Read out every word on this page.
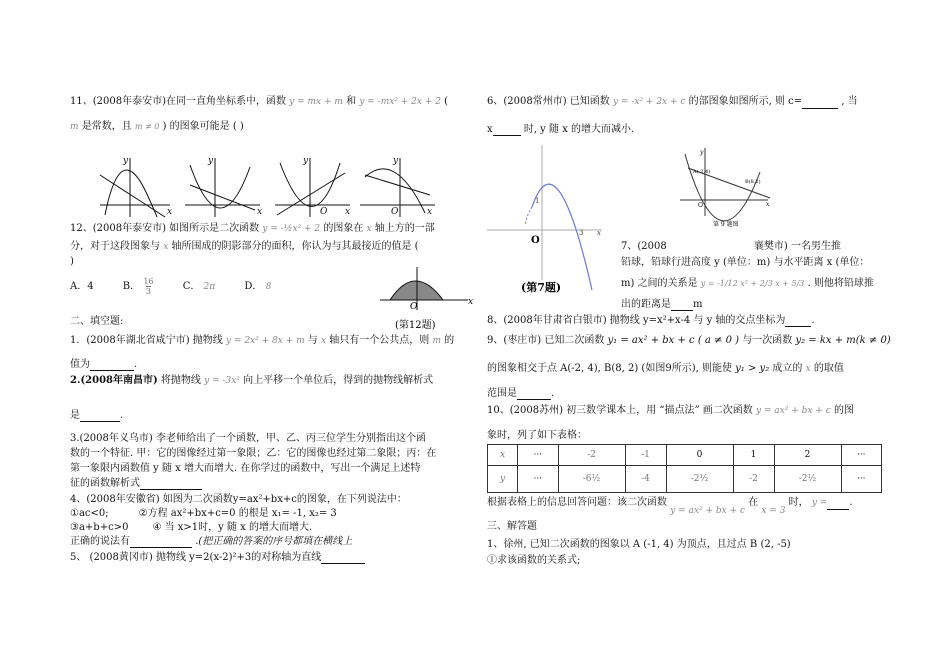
11、(2008年泰安市)在同一直角坐标系中，函数 y = mx + m 和 y = -mx² + 2x + 2 (
m 是常数，且 m ≠ 0 ) 的图象可能是 ( )
y
x
y
x
y
O x
y
O	x
12、(2008年泰安市) 如图所示是二次函数 y = -½x² + 2 的图象在 x 轴上方的一部
分，对于这段图象与 x 轴所围成的阴影部分的面积，你认为与其最接近的值是 (
)
A．4	B． $\frac{16}{3}$	C． 2π	D． 8
O	x
(第12题)
二、填空题:
1．(2008年湖北省咸宁市) 抛物线 y = 2x² + 8x + m 与 x 轴只有一个公共点，则 m 的
值为	.
2.(2008年南昌市) 将抛物线 y = -3x² 向上平移一个单位后，得到的抛物线解析式
是	.
3.(2008年义乌市) 李老师给出了一个函数，甲、乙、丙三位学生分别指出这个函
数的一个特征. 甲：它的图像经过第一象限；乙：它的图像也经过第二象限；丙：在
第一象限内函数值 y 随 x 增大而增大. 在你学过的函数中，写出一个满足上述特
征的函数解析式
4、(2008年安徽省) 如图为二次函数y=ax²+bx+c的图象，在下列说法中：
①ac<0;	②方程 ax²+bx+c=0 的根是 x₁= -1, x₂= 3
③a+b+c>0 ④ 当 x>1时，y 随 x 的增大而增大.
正确的说法有	.(把正确的答案的序号都填在横线上
5、 (2008黄冈市) 抛物线 y=2(x-2)²+3的对称轴为直线
6、(2008常州市) 已知函数 y = -x² + 2x + c 的部图象如图所示, 则 c=	, 当
x	时, y 随 x 的增大而减小.
1
3 x
O
(第7题)
y
x
O
A(-2,4)
B(8,2)
第 9 题图
7、(2008	襄樊市) 一名男生推
铅球，铅球行进高度 y (单位：m) 与水平距离 x (单位：
m) 之间的关系是 y = -1/12 x² + 2/3 x + 5/3 . 则他将铅球推
出的距离是 m
8、(2008年甘肃省白银市) 抛物线 y=x²+x-4 与 y 轴的交点坐标为	.
9、(枣庄市) 已知二次函数 y₁ = ax² + bx + c ( a ≠ 0 ) 与一次函数 y₂ = kx + m(k ≠ 0)
的图象相交于点 A(-2, 4), B(8, 2) (如图9所示), 则能使 y₁ > y₂ 成立的 x 的取值
范围是	.
10、(2008苏州) 初三数学课本上，用 “描点法” 画二次函数 y = ax² + bx + c 的图
象时，列了如下表格：
x	···	-2	-1	0	1	2	···
y	···	-6½	-4	-2½	-2	-2½	···
根据表格上的信息回答问题：该二次函数 y = ax² + bx + c 在 x = 3 时， y = .
三、解答题
1、徐州, 已知二次函数的图象以 A (-1, 4) 为顶点，且过点 B (2, -5)
①求该函数的关系式;
